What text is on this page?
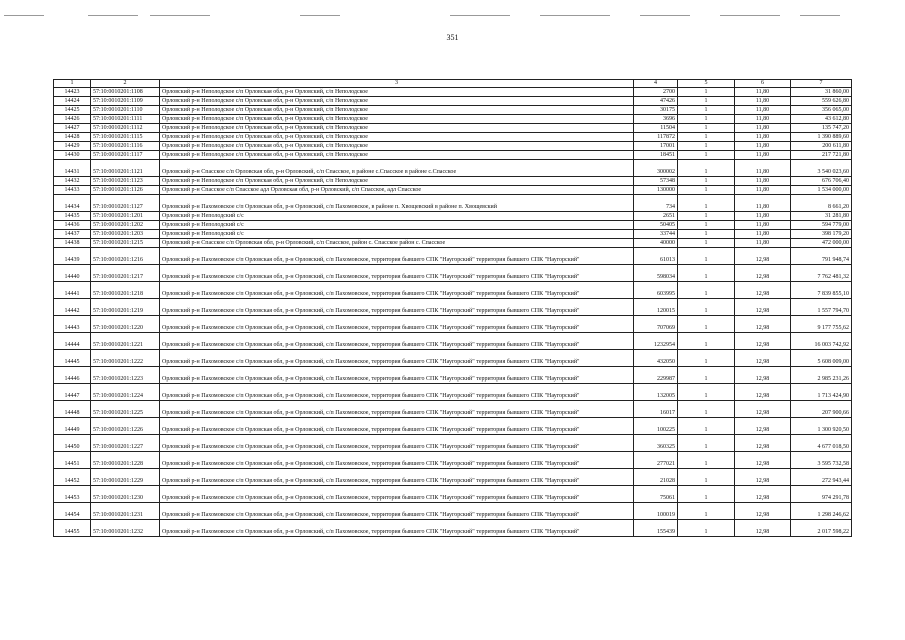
351
1	2	3	4	5	6	7
14423	57:10:0010201:1108	Орловский р-н Неполодское с/п Орловская обл, р-н Орловский, с/п Неполодское	2700	1	11,80	31 860,00
14424	57:10:0010201:1109	Орловский р-н Неполодское с/п Орловская обл, р-н Орловский, с/п Неполодское	47426	1	11,80	559 626,80
14425	57:10:0010201:1110	Орловский р-н Неполодское с/п Орловская обл, р-н Орловский, с/п Неполодское	30175	1	11,80	356 065,00
14426	57:10:0010201:1111	Орловский р-н Неполодское с/п Орловская обл, р-н Орловский, с/п Неполодское	3696	1	11,80	43 612,80
14427	57:10:0010201:1112	Орловский р-н Неполодское с/п Орловская обл, р-н Орловский, с/п Неполодское	11504	1	11,80	135 747,20
14428	57:10:0010201:1115	Орловский р-н Неполодское с/п Орловская обл, р-н Орловский, с/п Неполодское	117872	1	11,80	1 390 889,60
14429	57:10:0010201:1116	Орловский р-н Неполодское с/п Орловская обл, р-н Орловский, с/п Неполодское	17001	1	11,80	200 611,80
14430	57:10:0010201:1117	Орловский р-н Неполодское с/п Орловская обл, р-н Орловский, с/п Неполодское	18451	1	11,80	217 721,80
14431	57:10:0010201:1121	Орловский р-н Спасское с/п Орловская обл, р-н Орловский, с/п Спасское, в районе с.Спасское в районе с.Спасское	300002	1	11,80	3 540 023,60
14432	57:10:0010201:1123	Орловский р-н Неполодское с/п Орловская обл, р-н Орловский, с/п Неполодское	57348	1	11,80	676 706,40
14433	57:10:0010201:1126	Орловский р-н Спасское с/п Спасское адл Орловская обл, р-н Орловский, с/п Спасское, адл Спасское	130000	1	11,80	1 534 000,00
14434	57:10:0010201:1127	Орловский р-н Пахомовское с/п Орловская обл, р-н Орловский, с/п Пахомовское, в районе п. Хвощевский в районе п. Хвощевский	734	1	11,80	8 661,20
14435	57:10:0010201:1201	Орловский р-н Неполодский с/с	2651	1	11,80	31 281,80
14436	57:10:0010201:1202	Орловский р-н Неполодский с/с	50405	1	11,80	594 779,00
14437	57:10:0010201:1203	Орловский р-н Неполодский с/с	33744	1	11,80	398 179,20
14438	57:10:0010201:1215	Орловский р-н Спасское с/п Орловская обл, р-н Орловский, с/п Спасское, район с. Спасское район с. Спасское	40000	1	11,80	472 000,00
14439	57:10:0010201:1216	Орловский р-н Пахомовское с/п Орловская обл, р-н Орловский, с/п Пахомовское, территория бывшего СПК "Наугорский" территория бывшего СПК "Наугорский"	61013	1	12,98	791 948,74
14440	57:10:0010201:1217	Орловский р-н Пахомовское с/п Орловская обл, р-н Орловский, с/п Пахомовское, территория бывшего СПК "Наугорский" территория бывшего СПК "Наугорский"	598034	1	12,98	7 762 481,32
14441	57:10:0010201:1218	Орловский р-н Пахомовское с/п Орловская обл, р-н Орловский, с/п Пахомовское, территория бывшего СПК "Наугорский" территория бывшего СПК "Наугорский"	603995	1	12,98	7 839 855,10
14442	57:10:0010201:1219	Орловский р-н Пахомовское с/п Орловская обл, р-н Орловский, с/п Пахомовское, территория бывшего СПК "Наугорский" территория бывшего СПК "Наугорский"	120015	1	12,98	1 557 794,70
14443	57:10:0010201:1220	Орловский р-н Пахомовское с/п Орловская обл, р-н Орловский, с/п Пахомовское, территория бывшего СПК "Наугорский" территория бывшего СПК "Наугорский"	707069	1	12,98	9 177 755,62
14444	57:10:0010201:1221	Орловский р-н Пахомовское с/п Орловская обл, р-н Орловский, с/п Пахомовское, территория бывшего СПК "Наугорский" территория бывшего СПК "Наугорский"	1232954	1	12,98	16 003 742,92
14445	57:10:0010201:1222	Орловский р-н Пахомовское с/п Орловская обл, р-н Орловский, с/п Пахомовское, территория бывшего СПК "Наугорский" территория бывшего СПК "Наугорский"	432050	1	12,98	5 608 009,00
14446	57:10:0010201:1223	Орловский р-н Пахомовское с/п Орловская обл, р-н Орловский, с/п Пахомовское, территория бывшего СПК "Наугорский" территория бывшего СПК "Наугорский"	229987	1	12,98	2 985 231,26
14447	57:10:0010201:1224	Орловский р-н Пахомовское с/п Орловская обл, р-н Орловский, с/п Пахомовское, территория бывшего СПК "Наугорский" территория бывшего СПК "Наугорский"	132005	1	12,98	1 713 424,90
14448	57:10:0010201:1225	Орловский р-н Пахомовское с/п Орловская обл, р-н Орловский, с/п Пахомовское, территория бывшего СПК "Наугорский" территория бывшего СПК "Наугорский"	16017	1	12,98	207 900,66
14449	57:10:0010201:1226	Орловский р-н Пахомовское с/п Орловская обл, р-н Орловский, с/п Пахомовское, территория бывшего СПК "Наугорский" территория бывшего СПК "Наугорский"	100225	1	12,98	1 300 920,50
14450	57:10:0010201:1227	Орловский р-н Пахомовское с/п Орловская обл, р-н Орловский, с/п Пахомовское, территория бывшего СПК "Наугорский" территория бывшего СПК "Наугорский"	360325	1	12,98	4 677 018,50
14451	57:10:0010201:1228	Орловский р-н Пахомовское с/п Орловская обл, р-н Орловский, с/п Пахомовское, территория бывшего СПК "Наугорский" территория бывшего СПК "Наугорский"	277021	1	12,98	3 595 732,58
14452	57:10:0010201:1229	Орловский р-н Пахомовское с/п Орловская обл, р-н Орловский, с/п Пахомовское, территория бывшего СПК "Наугорский" территория бывшего СПК "Наугорский"	21028	1	12,98	272 943,44
14453	57:10:0010201:1230	Орловский р-н Пахомовское с/п Орловская обл, р-н Орловский, с/п Пахомовское, территория бывшего СПК "Наугорский" территория бывшего СПК "Наугорский"	75061	1	12,98	974 291,78
14454	57:10:0010201:1231	Орловский р-н Пахомовское с/п Орловская обл, р-н Орловский, с/п Пахомовское, территория бывшего СПК "Наугорский" территория бывшего СПК "Наугорский"	100019	1	12,98	1 298 246,62
14455	57:10:0010201:1232	Орловский р-н Пахомовское с/п Орловская обл, р-н Орловский, с/п Пахомовское, территория бывшего СПК "Наугорский" территория бывшего СПК "Наугорский"	155439	1	12,98	2 017 598,22
